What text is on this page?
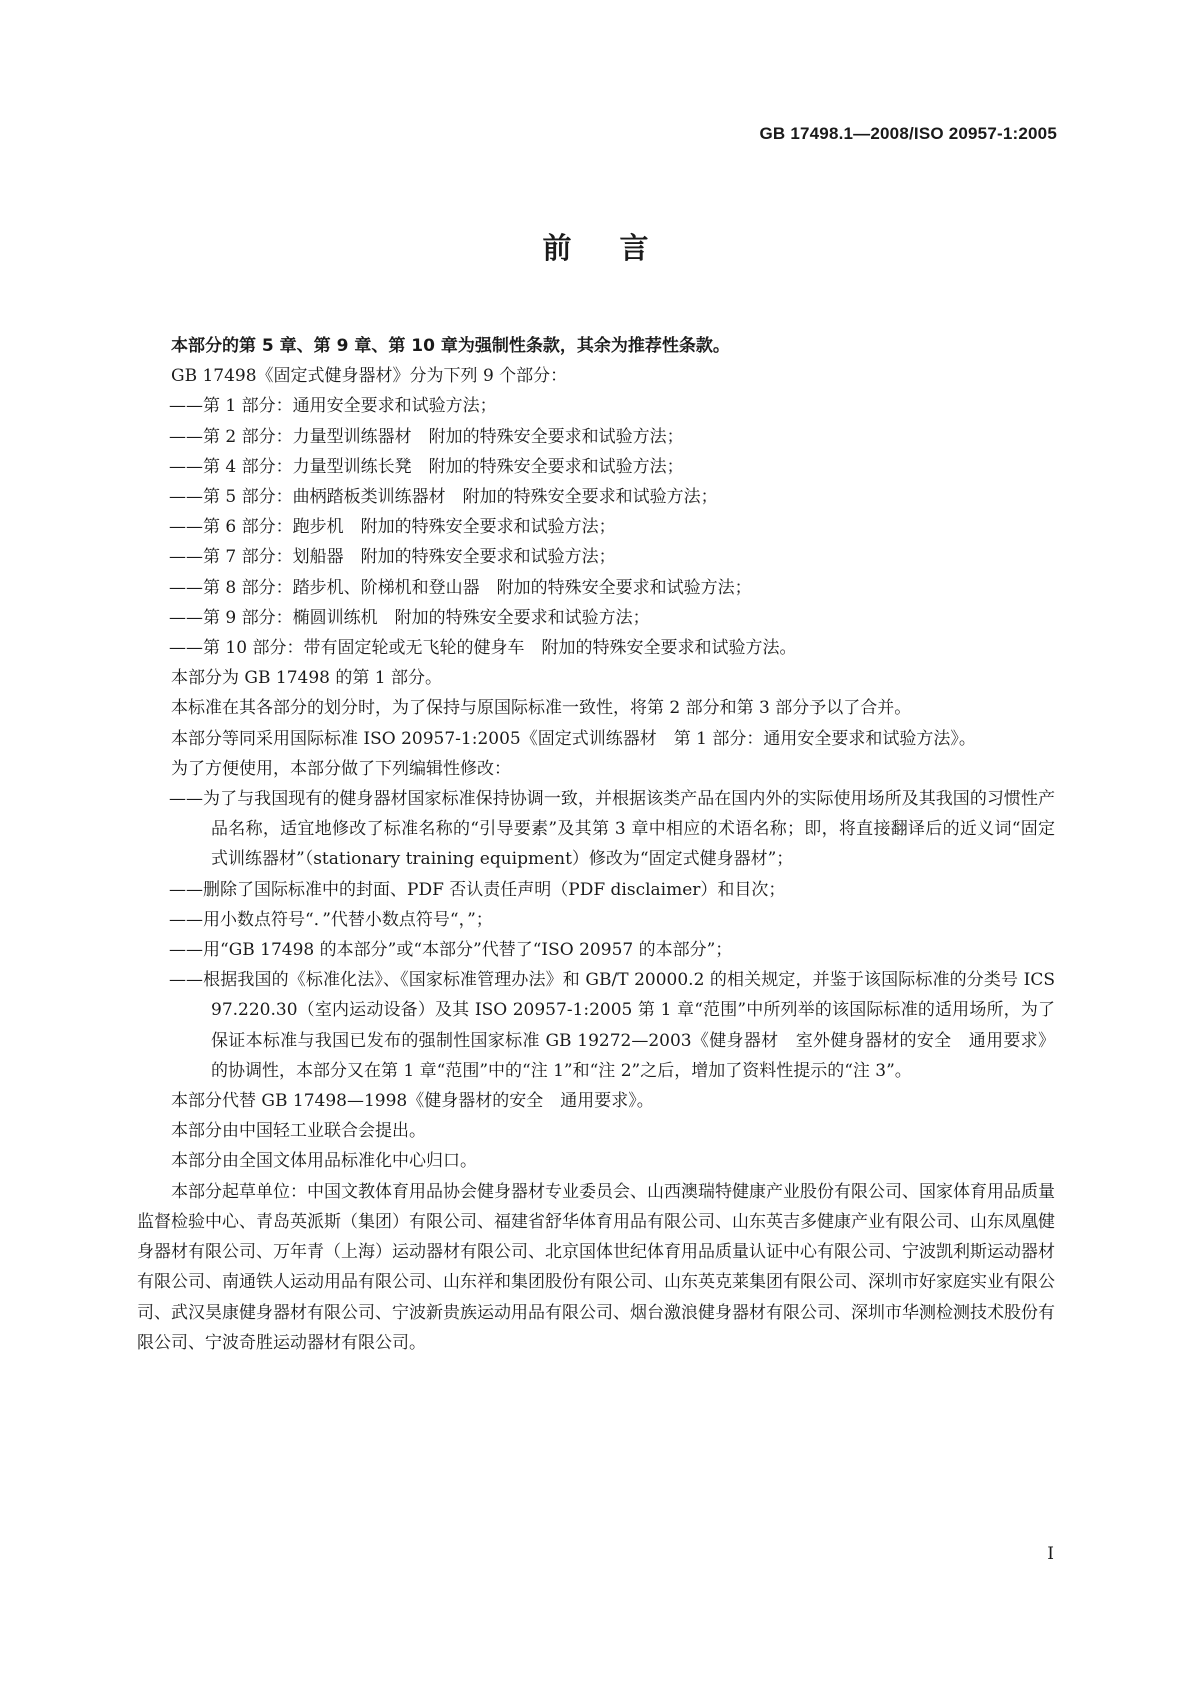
GB 17498.1—2008/ISO 20957-1:2005
前言

本部分的第 5 章、第 9 章、第 10 章为强制性条款，其余为推荐性条款。

GB 17498《固定式健身器材》分为下列 9 个部分：

——第 1 部分：通用安全要求和试验方法；

——第 2 部分：力量型训练器材　附加的特殊安全要求和试验方法；

——第 4 部分：力量型训练长凳　附加的特殊安全要求和试验方法；

——第 5 部分：曲柄踏板类训练器材　附加的特殊安全要求和试验方法；

——第 6 部分：跑步机　附加的特殊安全要求和试验方法；

——第 7 部分：划船器　附加的特殊安全要求和试验方法；

——第 8 部分：踏步机、阶梯机和登山器　附加的特殊安全要求和试验方法；

——第 9 部分：椭圆训练机　附加的特殊安全要求和试验方法；

——第 10 部分：带有固定轮或无飞轮的健身车　附加的特殊安全要求和试验方法。

本部分为 GB 17498 的第 1 部分。

本标准在其各部分的划分时，为了保持与原国际标准一致性，将第 2 部分和第 3 部分予以了合并。

本部分等同采用国际标准 ISO 20957-1:2005《固定式训练器材　第 1 部分：通用安全要求和试验方法》。

为了方便使用，本部分做了下列编辑性修改：

——为了与我国现有的健身器材国家标准保持协调一致，并根据该类产品在国内外的实际使用场所及其我国的习惯性产品名称，适宜地修改了标准名称的“引导要素”及其第 3 章中相应的术语名称；即，将直接翻译后的近义词“固定式训练器材”（stationary training equipment）修改为“固定式健身器材”；

——删除了国际标准中的封面、PDF 否认责任声明（PDF disclaimer）和目次；

——用小数点符号“．”代替小数点符号“，”；

——用“GB 17498 的本部分”或“本部分”代替了“ISO 20957 的本部分”；

——根据我国的《标准化法》、《国家标准管理办法》和 GB/T 20000.2 的相关规定，并鉴于该国际标准的分类号 ICS 97.220.30（室内运动设备）及其 ISO 20957-1:2005 第 1 章“范围”中所列举的该国际标准的适用场所，为了保证本标准与我国已发布的强制性国家标准 GB 19272—2003《健身器材　室外健身器材的安全　通用要求》的协调性，本部分又在第 1 章“范围”中的“注 1”和“注 2”之后，增加了资料性提示的“注 3”。

本部分代替 GB 17498—1998《健身器材的安全　通用要求》。

本部分由中国轻工业联合会提出。

本部分由全国文体用品标准化中心归口。

本部分起草单位：中国文教体育用品协会健身器材专业委员会、山西澳瑞特健康产业股份有限公司、国家体育用品质量监督检验中心、青岛英派斯（集团）有限公司、福建省舒华体育用品有限公司、山东英吉多健康产业有限公司、山东凤凰健身器材有限公司、万年青（上海）运动器材有限公司、北京国体世纪体育用品质量认证中心有限公司、宁波凯利斯运动器材有限公司、南通铁人运动用品有限公司、山东祥和集团股份有限公司、山东英克莱集团有限公司、深圳市好家庭实业有限公司、武汉昊康健身器材有限公司、宁波新贵族运动用品有限公司、烟台激浪健身器材有限公司、深圳市华测检测技术股份有限公司、宁波奇胜运动器材有限公司。

I
